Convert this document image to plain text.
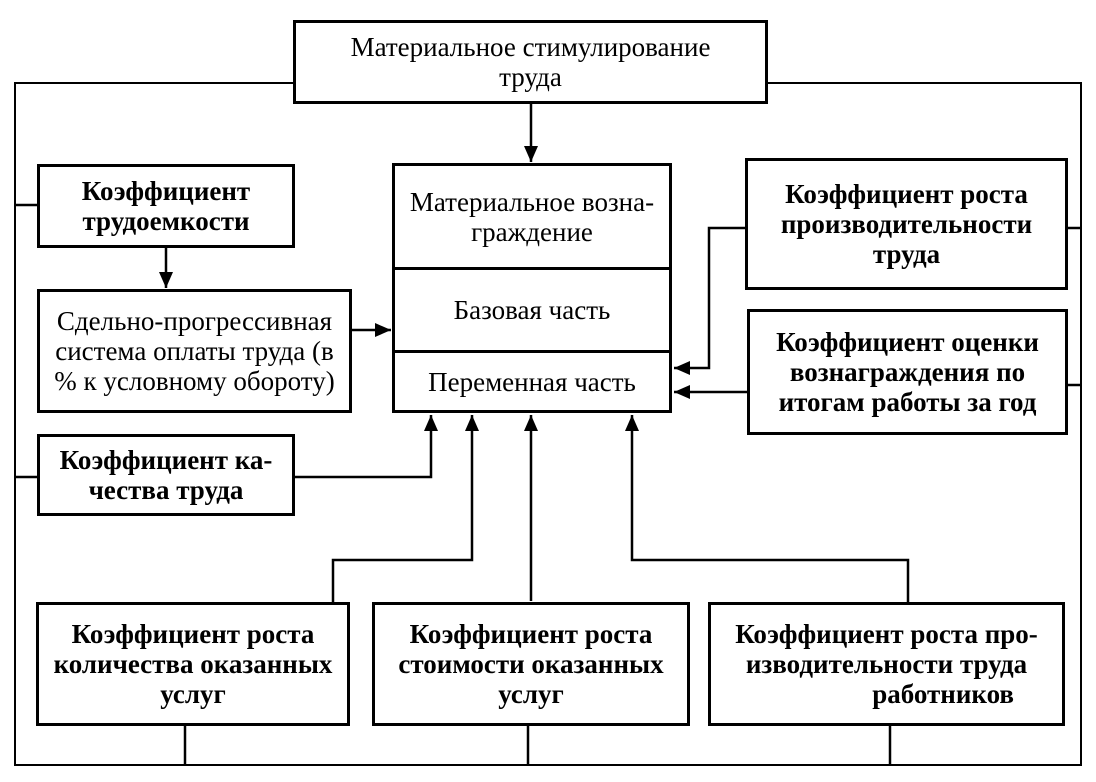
Материальное стимулирование
труда
Материальное возна-
граждение
Базовая часть
Переменная часть
Коэффициент
трудоемкости
Сдельно-прогрессивная
система оплаты труда (в
% к условному обороту)
Коэффициент ка-
чества труда
Коэффициент роста
производительности
труда
Коэффициент оценки
вознаграждения по
итогам работы за год
Коэффициент роста
количества оказанных
услуг
Коэффициент роста
стоимости оказанных
услуг
Коэффициент роста про-
изводительности труда
работников
